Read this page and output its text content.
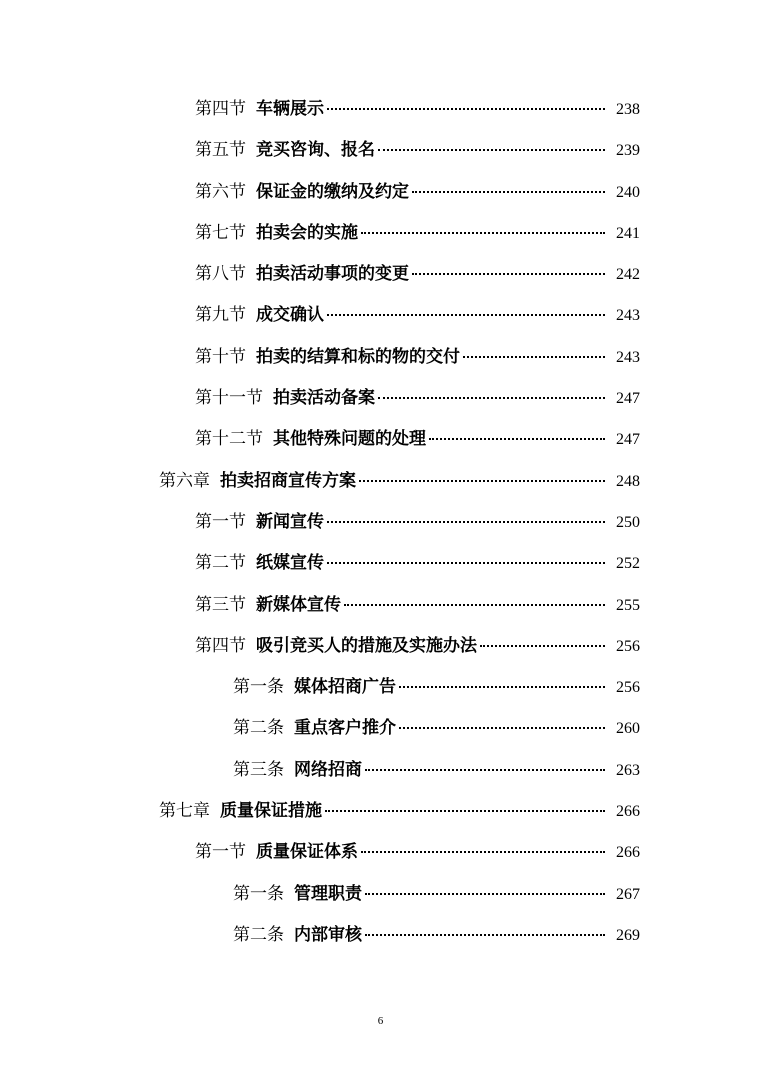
第四节 车辆展示	238
第五节 竞买咨询、报名	239
第六节 保证金的缴纳及约定	240
第七节 拍卖会的实施	241
第八节 拍卖活动事项的变更	242
第九节 成交确认	243
第十节 拍卖的结算和标的物的交付	243
第十一节 拍卖活动备案	247
第十二节 其他特殊问题的处理	247
第六章 拍卖招商宣传方案	248
第一节 新闻宣传	250
第二节 纸媒宣传	252
第三节 新媒体宣传	255
第四节 吸引竞买人的措施及实施办法	256
第一条 媒体招商广告	256
第二条 重点客户推介	260
第三条 网络招商	263
第七章 质量保证措施	266
第一节 质量保证体系	266
第一条 管理职责	267
第二条 内部审核	269
6
